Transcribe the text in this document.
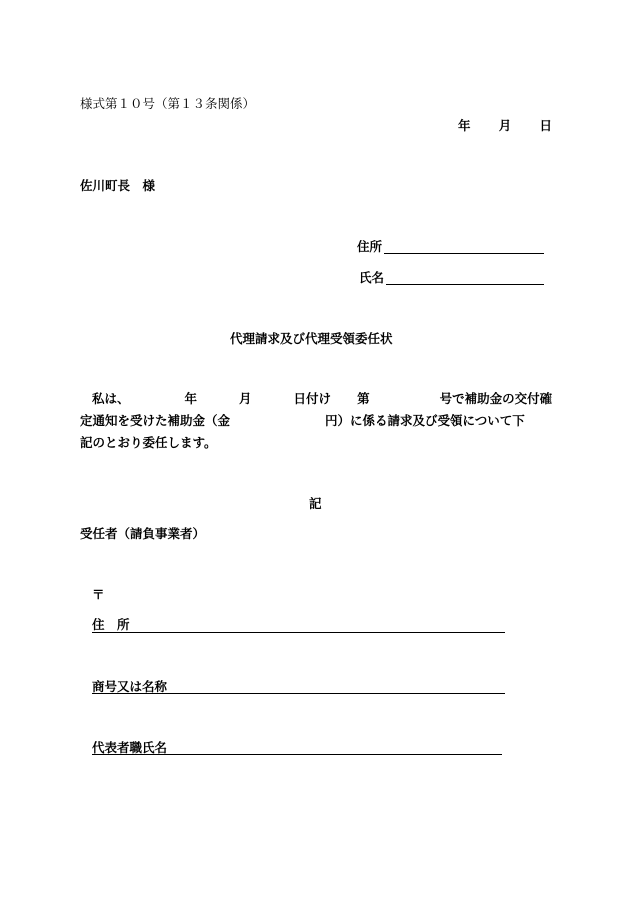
様式第１０号（第１３条関係）
年 月 日
佐川町長　様
住所
氏名
代理請求及び代理受領委任状
私は、	年	月	日付け 第	号で補助金の交付確
定通知を受けた補助金（金	円）に係る請求及び受領について下
記のとおり委任します。
記
受任者（請負事業者）
〒
住　所
商号又は名称
代表者職氏名
